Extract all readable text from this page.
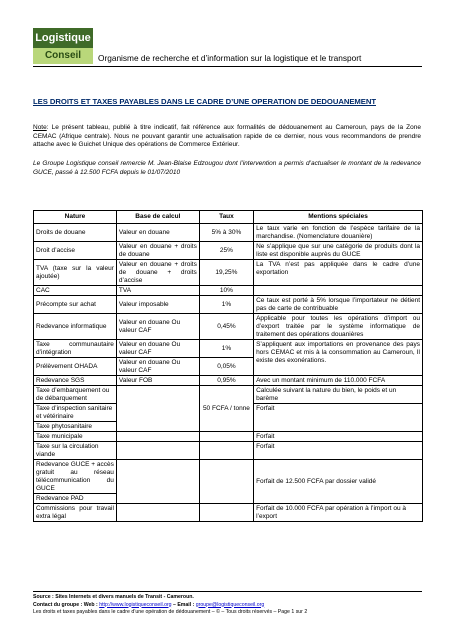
Logistique
Conseil	Organisme de recherche et d’information sur la logistique et le transport
LES DROITS ET TAXES PAYABLES DANS LE CADRE D’UNE OPERATION DE DEDOUANEMENT
Note: Le présent tableau, publié à titre indicatif, fait référence aux formalités de dédouanement au Cameroun, pays de la Zone CEMAC (Afrique centrale). Nous ne pouvant garantir une actualisation rapide de ce dernier, nous vous recommandons de prendre attache avec le Guichet Unique des opérations de Commerce Extérieur.
Le Groupe Logistique conseil remercie M. Jean-Blaise Edzougou dont l’intervention a permis d’actualiser le montant de la redevance GUCE, passé à 12.500 FCFA depuis le 01/07/2010
Nature	Base de calcul	Taux	Mentions spéciales
Droits de douane	Valeur en douane	5% à 30%	Le taux varie en fonction de l’espèce tarifaire de la marchandise. (Nomenclature douanière)
Droit d’accise	Valeur en douane + droits de douane	25%	Ne s’applique que sur une catégorie de produits dont la liste est disponible auprès du GUCE
TVA (taxe sur la valeur ajoutée)	Valeur en douane + droits de douane + droits d’accise	19,25%	La TVA n’est pas appliquée dans le cadre d’une exportation
CAC	TVA	10%	
Précompte sur achat	Valeur imposable	1%	Ce taux est porté à 5% lorsque l’importateur ne détient pas de carte de contribuable
Redevance informatique	Valeur en douane Ou valeur CAF	0,45%	Applicable pour toutes les opérations d’import ou d’export traitée par le système informatique de traitement des opérations douanières
Taxe communautaire d’intégration	Valeur en douane Ou valeur CAF	1%	S’appliquent aux importations en provenance des pays hors CEMAC et mis à la consommation au Cameroun, Il existe des exonérations.
Prélèvement OHADA	Valeur en douane Ou valeur CAF	0,05%	
Redevance SGS	Valeur FOB	0,95%	Avec un montant minimum de 110.000 FCFA
Taxe d’embarquement ou de débarquement		50 FCFA / tonne	Calculée suivant la nature du bien, le poids et un barème
Taxe d’inspection sanitaire et vétérinaire			Forfait
Taxe phytosanitaire			
Taxe municipale			Forfait
Taxe sur la circulation viande			Forfait
Redevance GUCE + accès gratuit au réseau télécommunication du GUCE			Forfait de 12.500 FCFA par dossier validé
Redevance PAD			
Commissions pour travail extra légal			Forfait de 10.000 FCFA par opération à l’import ou à l’export
Source : Sites Internets et divers manuels de Transit - Cameroun.
Contact du groupe : Web : http://www.logistiqueconseil.org – Email : groupe@logistiqueconseil.org
Les droits et taxes payables dans le cadre d’une opération de dédouanement – © – Tous droits réservés – Page 1 sur 2
